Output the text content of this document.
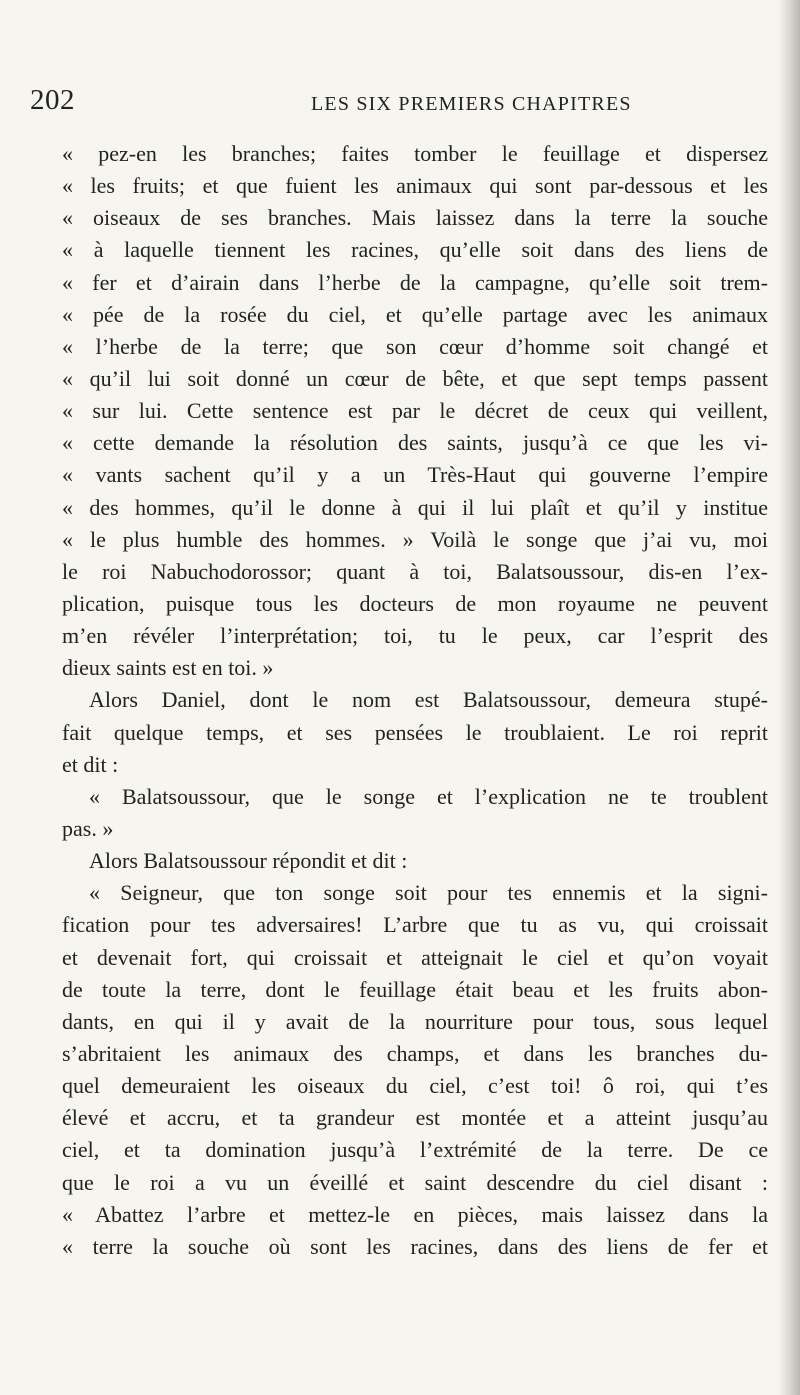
202	LES SIX PREMIERS CHAPITRES
« pez-en les branches; faites tomber le feuillage et dispersez
« les fruits; et que fuient les animaux qui sont par-dessous et les
« oiseaux de ses branches. Mais laissez dans la terre la souche
« à laquelle tiennent les racines, qu’elle soit dans des liens de
« fer et d’airain dans l’herbe de la campagne, qu’elle soit trem-
« pée de la rosée du ciel, et qu’elle partage avec les animaux
« l’herbe de la terre; que son cœur d’homme soit changé et
« qu’il lui soit donné un cœur de bête, et que sept temps passent
« sur lui. Cette sentence est par le décret de ceux qui veillent,
« cette demande la résolution des saints, jusqu’à ce que les vi-
« vants sachent qu’il y a un Très-Haut qui gouverne l’empire
« des hommes, qu’il le donne à qui il lui plaît et qu’il y institue
« le plus humble des hommes. » Voilà le songe que j’ai vu, moi
le roi Nabuchodorossor; quant à toi, Balatsoussour, dis-en l’ex-
plication, puisque tous les docteurs de mon royaume ne peuvent
m’en révéler l’interprétation; toi, tu le peux, car l’esprit des
dieux saints est en toi. »
Alors Daniel, dont le nom est Balatsoussour, demeura stupé-
fait quelque temps, et ses pensées le troublaient. Le roi reprit
et dit :
« Balatsoussour, que le songe et l’explication ne te troublent
pas. »
Alors Balatsoussour répondit et dit :
« Seigneur, que ton songe soit pour tes ennemis et la signi-
fication pour tes adversaires! L’arbre que tu as vu, qui croissait
et devenait fort, qui croissait et atteignait le ciel et qu’on voyait
de toute la terre, dont le feuillage était beau et les fruits abon-
dants, en qui il y avait de la nourriture pour tous, sous lequel
s’abritaient les animaux des champs, et dans les branches du-
quel demeuraient les oiseaux du ciel, c’est toi! ô roi, qui t’es
élevé et accru, et ta grandeur est montée et a atteint jusqu’au
ciel, et ta domination jusqu’à l’extrémité de la terre. De ce
que le roi a vu un éveillé et saint descendre du ciel disant :
« Abattez l’arbre et mettez-le en pièces, mais laissez dans la
« terre la souche où sont les racines, dans des liens de fer et
